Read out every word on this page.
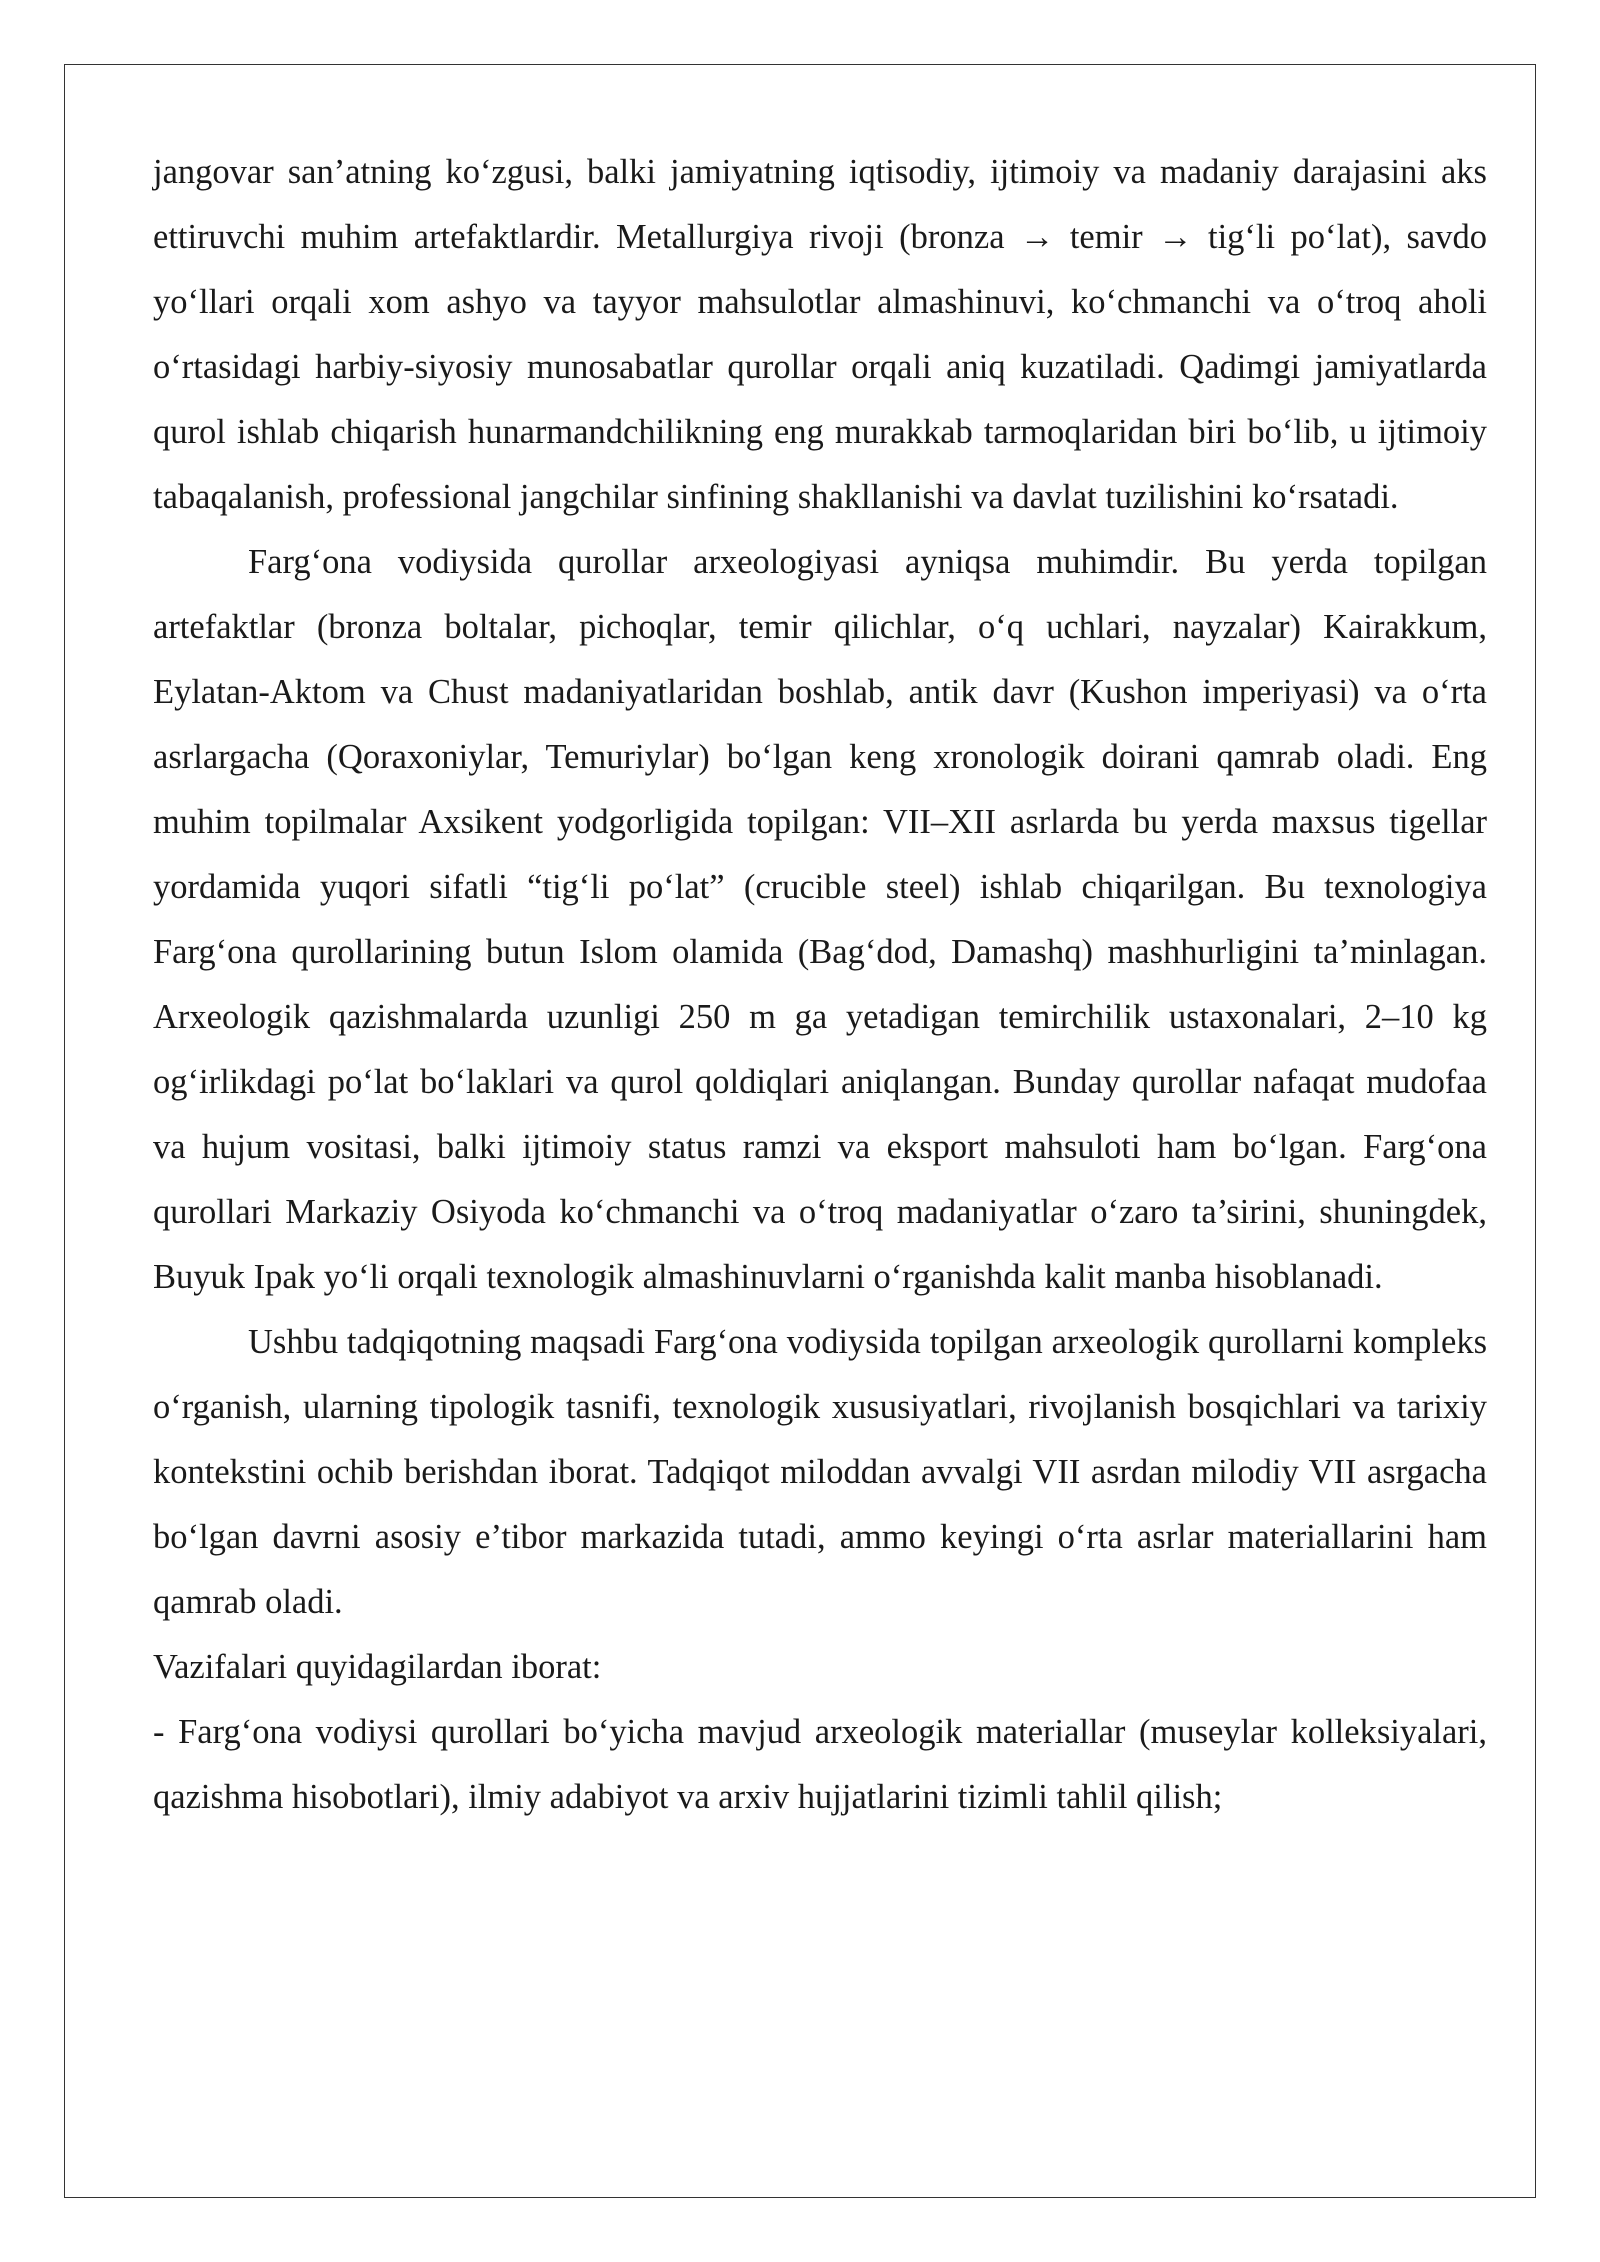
jangovar san’atning ko‘zgusi, balki jamiyatning iqtisodiy, ijtimoiy va madaniy darajasini aks ettiruvchi muhim artefaktlardir. Metallurgiya rivoji (bronza → temir → tig‘li po‘lat), savdo yo‘llari orqali xom ashyo va tayyor mahsulotlar almashinuvi, ko‘chmanchi va o‘troq aholi o‘rtasidagi harbiy-siyosiy munosabatlar qurollar orqali aniq kuzatiladi. Qadimgi jamiyatlarda qurol ishlab chiqarish hunarmandchilikning eng murakkab tarmoqlaridan biri bo‘lib, u ijtimoiy tabaqalanish, professional jangchilar sinfining shakllanishi va davlat tuzilishini ko‘rsatadi.

Farg‘ona vodiysida qurollar arxeologiyasi ayniqsa muhimdir. Bu yerda topilgan artefaktlar (bronza boltalar, pichoqlar, temir qilichlar, o‘q uchlari, nayzalar) Kairakkum, Eylatan-Aktom va Chust madaniyatlaridan boshlab, antik davr (Kushon imperiyasi) va o‘rta asrlargacha (Qoraxoniylar, Temuriylar) bo‘lgan keng xronologik doirani qamrab oladi. Eng muhim topilmalar Axsikent yodgorligida topilgan: VII–XII asrlarda bu yerda maxsus tigellar yordamida yuqori sifatli “tig‘li po‘lat” (crucible steel) ishlab chiqarilgan. Bu texnologiya Farg‘ona qurollarining butun Islom olamida (Bag‘dod, Damashq) mashhurligini ta’minlagan. Arxeologik qazishmalarda uzunligi 250 m ga yetadigan temirchilik ustaxonalari, 2–10 kg og‘irlikdagi po‘lat bo‘laklari va qurol qoldiqlari aniqlangan. Bunday qurollar nafaqat mudofaa va hujum vositasi, balki ijtimoiy status ramzi va eksport mahsuloti ham bo‘lgan. Farg‘ona qurollari Markaziy Osiyoda ko‘chmanchi va o‘troq madaniyatlar o‘zaro ta’sirini, shuningdek, Buyuk Ipak yo‘li orqali texnologik almashinuvlarni o‘rganishda kalit manba hisoblanadi.

Ushbu tadqiqotning maqsadi Farg‘ona vodiysida topilgan arxeologik qurollarni kompleks o‘rganish, ularning tipologik tasnifi, texnologik xususiyatlari, rivojlanish bosqichlari va tarixiy kontekstini ochib berishdan iborat. Tadqiqot miloddan avvalgi VII asrdan milodiy VII asrgacha bo‘lgan davrni asosiy e’tibor markazida tutadi, ammo keyingi o‘rta asrlar materiallarini ham qamrab oladi.

Vazifalari quyidagilardan iborat:

- Farg‘ona vodiysi qurollari bo‘yicha mavjud arxeologik materiallar (museylar kolleksiyalari, qazishma hisobotlari), ilmiy adabiyot va arxiv hujjatlarini tizimli tahlil qilish;
